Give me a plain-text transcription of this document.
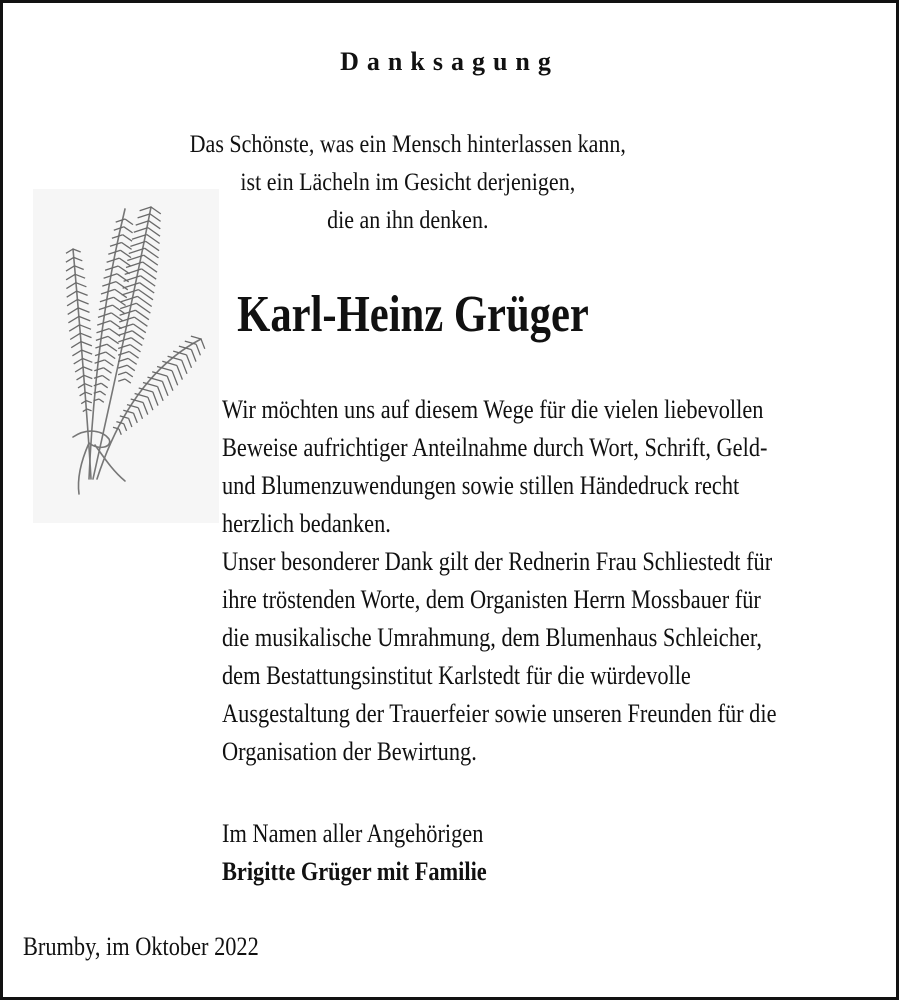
Danksagung
Das Schönste, was ein Mensch hinterlassen kann,
ist ein Lächeln im Gesicht derjenigen,
die an ihn denken.
Karl-Heinz Grüger
Wir möchten uns auf diesem Wege für die vielen liebevollen
Beweise aufrichtiger Anteilnahme durch Wort, Schrift, Geld-
und Blumenzuwendungen sowie stillen Händedruck recht
herzlich bedanken.
Unser besonderer Dank gilt der Rednerin Frau Schliestedt für
ihre tröstenden Worte, dem Organisten Herrn Mossbauer für
die musikalische Umrahmung, dem Blumenhaus Schleicher,
dem Bestattungsinstitut Karlstedt für die würdevolle
Ausgestaltung der Trauerfeier sowie unseren Freunden für die
Organisation der Bewirtung.
Im Namen aller Angehörigen
Brigitte Grüger mit Familie
Brumby, im Oktober 2022
